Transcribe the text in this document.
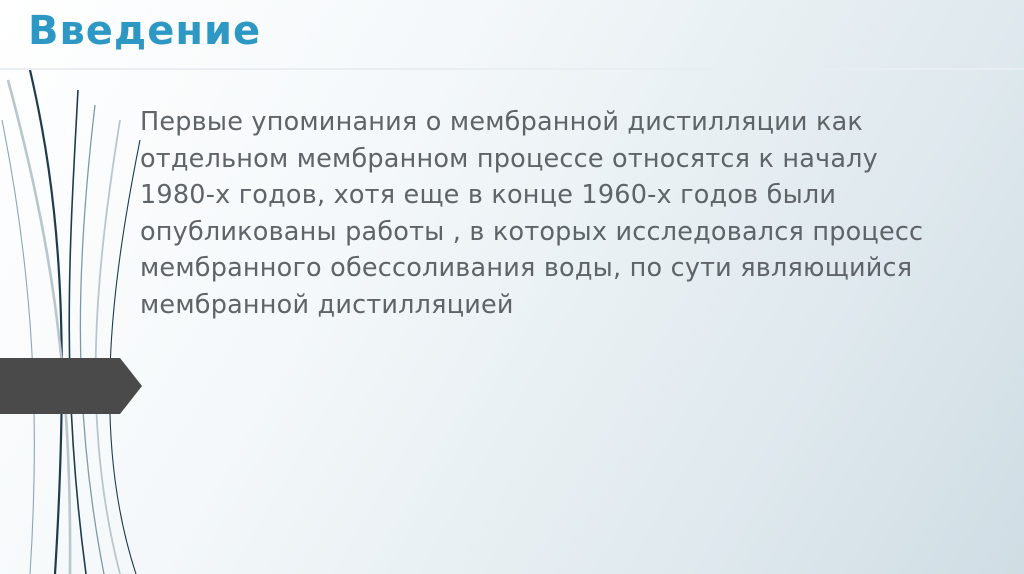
Введение
Первые упоминания о мембранной дистилляции как отдельном мембранном процессе относятся к началу 1980-х годов, хотя еще в конце 1960-х годов были опубликованы работы , в которых исследовался процесс мембранного обессоливания воды, по сути являющийся мембранной дистилляцией
